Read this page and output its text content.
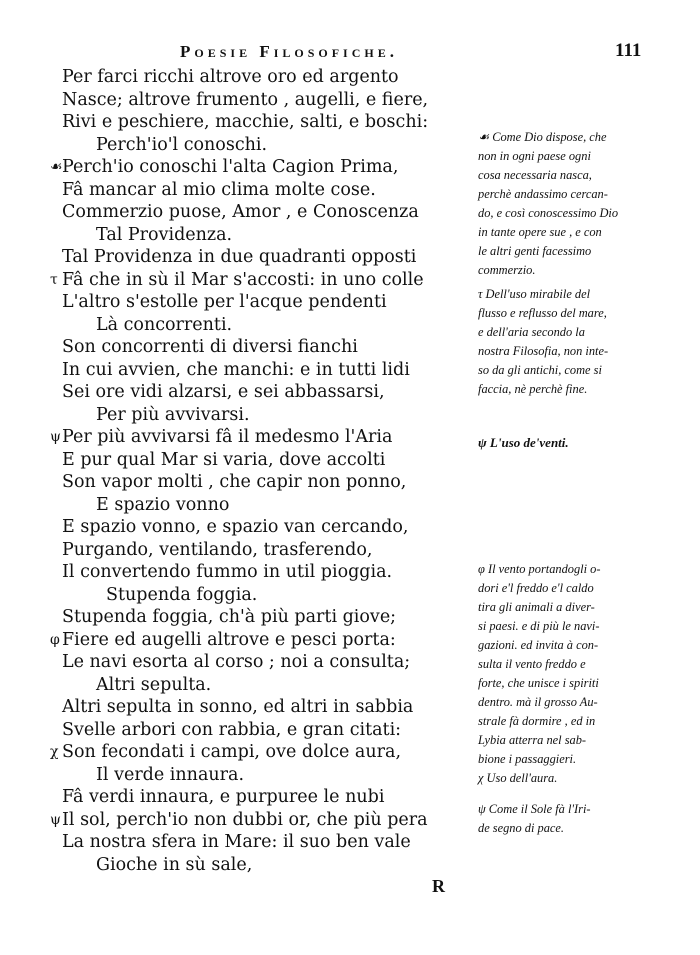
Poesie Filosofiche.	111
Per farci ricchi altrove oro ed argento
Nasce; altrove frumento , augelli, e fiere,
Rivi e peschiere, macchie, salti, e boschi:
Perch'io'l conoschi.
☙ Perch'io conoschi l'alta Cagion Prima,
Fâ mancar al mio clima molte cose.
Commerzio puose, Amor , e Conoscenza
Tal Providenza.
Tal Providenza in due quadranti opposti
τ Fâ che in sù il Mar s'accosti: in uno colle
L'altro s'estolle per l'acque pendenti
Là concorrenti.
Son concorrenti di diversi fianchi
In cui avvien, che manchi: e in tutti lidi
Sei ore vidi alzarsi, e sei abbassarsi,
Per più avvivarsi.
ψ Per più avvivarsi fâ il medesmo l'Aria
E pur qual Mar si varia, dove accolti
Son vapor molti , che capir non ponno,
E spazio vonno
E spazio vonno, e spazio van cercando,
Purgando, ventilando, trasferendo,
Il convertendo fummo in util pioggia.
Stupenda foggia.
Stupenda foggia, ch'à più parti giove;
φ Fiere ed augelli altrove e pesci porta:
Le navi esorta al corso ; noi a consulta;
Altri sepulta.
Altri sepulta in sonno, ed altri in sabbia
Svelle arbori con rabbia, e gran citati:
χ Son fecondati i campi, ove dolce aura,
Il verde innaura.
Fâ verdi innaura, e purpuree le nubi
ψ Il sol, perch'io non dubbi or, che più pera
La nostra sfera in Mare: il suo ben vale
Gioche in sù sale,
☙ Come Dio dispose, che
non in ogni paese ogni
cosa necessaria nasca,
perchè andassimo cercan-
do, e così conoscessimo Dio
in tante opere sue , e con
le altri genti facessimo
commerzio.
τ Dell'uso mirabile del
flusso e reflusso del mare,
e dell'aria secondo la
nostra Filosofia, non inte-
so da gli antichi, come si
faccia, nè perchè fine.
ψ L'uso de'venti.
φ Il vento portandogli o-
dori e'l freddo e'l caldo
tira gli animali a diver-
si paesi. e di più le navi-
gazioni. ed invita à con-
sulta il vento freddo e
forte, che unisce i spiriti
dentro. mà il grosso Au-
strale fà dormire , ed in
Lybia atterra nel sab-
bione i passaggieri.
χ Uso dell'aura.
ψ Come il Sole fà l'Iri-
de segno di pace.
R
